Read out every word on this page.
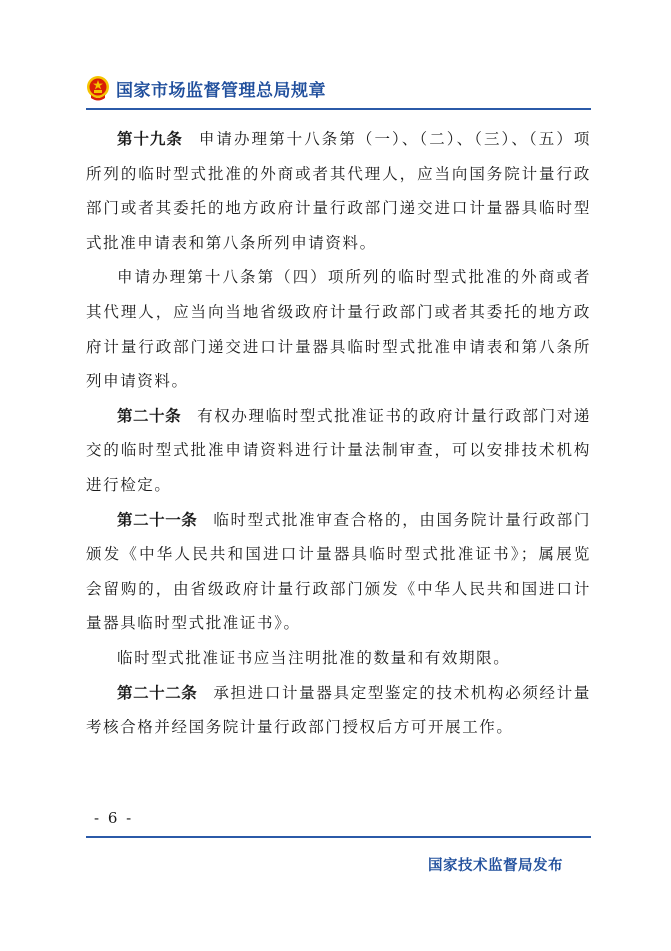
国家市场监督管理总局规章

第十九条 申请办理第十八条第（一）、（二）、（三）、（五）项所列的临时型式批准的外商或者其代理人，应当向国务院计量行政部门或者其委托的地方政府计量行政部门递交进口计量器具临时型式批准申请表和第八条所列申请资料。

申请办理第十八条第（四）项所列的临时型式批准的外商或者其代理人，应当向当地省级政府计量行政部门或者其委托的地方政府计量行政部门递交进口计量器具临时型式批准申请表和第八条所列申请资料。

第二十条 有权办理临时型式批准证书的政府计量行政部门对递交的临时型式批准申请资料进行计量法制审查，可以安排技术机构进行检定。

第二十一条 临时型式批准审查合格的，由国务院计量行政部门颁发《中华人民共和国进口计量器具临时型式批准证书》；属展览会留购的，由省级政府计量行政部门颁发《中华人民共和国进口计量器具临时型式批准证书》。

临时型式批准证书应当注明批准的数量和有效期限。

第二十二条 承担进口计量器具定型鉴定的技术机构必须经计量考核合格并经国务院计量行政部门授权后方可开展工作。

- 6 -
国家技术监督局发布
